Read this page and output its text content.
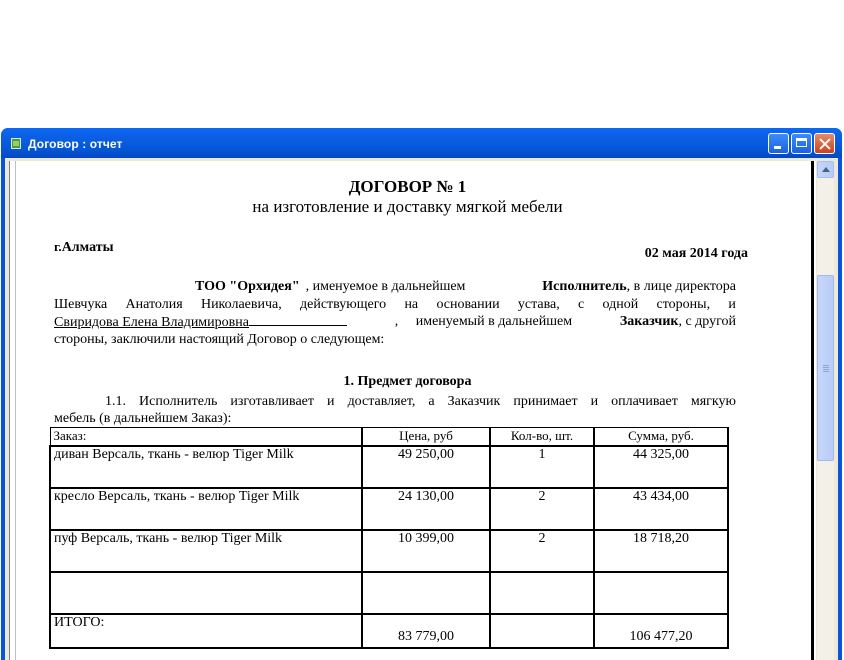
Договор : отчет
ДОГОВОР № 1
на изготовление и доставку мягкой мебели
г.Алматы	02 мая 2014 года
ТОО "Орхидея" , именуемое в дальнейшем	Исполнитель, в лице директора
Шевчука Анатолия Николаевича, действующего на основании устава, с одной стороны, и
Свиридова Елена Владимировна	,     именуемый в дальнейшем	Заказчик, с другой
стороны, заключили настоящий Договор о следующем:
1. Предмет договора
1.1. Исполнитель изготавливает и доставляет, а Заказчик принимает и оплачивает мягкую
мебель (в дальнейшем Заказ):
Заказ:	Цена, руб	Кол-во, шт.	Сумма, руб.
диван Версаль, ткань - велюр Tiger Milk	49 250,00	1	44 325,00
кресло Версаль, ткань - велюр Tiger Milk	24 130,00	2	43 434,00
пуф Версаль, ткань - велюр Tiger Milk	10 399,00	2	18 718,20

ИТОГО:	83 779,00		106 477,20
